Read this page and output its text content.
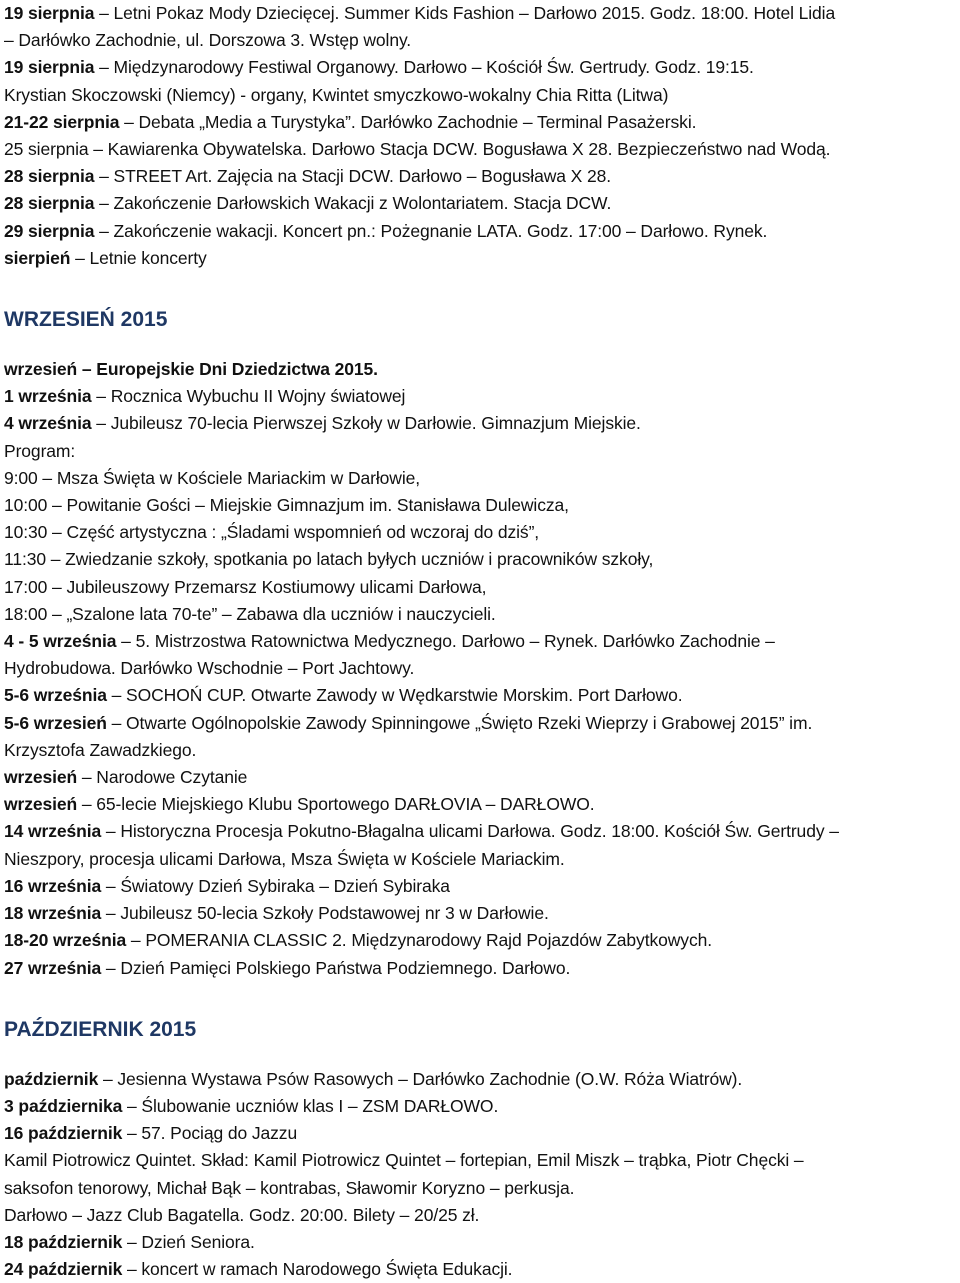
19 sierpnia – Letni Pokaz Mody Dziecięcej. Summer Kids Fashion – Darłowo 2015. Godz. 18:00. Hotel Lidia
– Darłówko Zachodnie, ul. Dorszowa 3. Wstęp wolny.
19 sierpnia – Międzynarodowy Festiwal Organowy. Darłowo – Kościół Św. Gertrudy. Godz. 19:15.
Krystian Skoczowski (Niemcy) - organy, Kwintet smyczkowo-wokalny Chia Ritta (Litwa)
21-22 sierpnia – Debata „Media a Turystyka”. Darłówko Zachodnie – Terminal Pasażerski.
25 sierpnia – Kawiarenka Obywatelska. Darłowo Stacja DCW. Bogusława X 28. Bezpieczeństwo nad Wodą.
28 sierpnia – STREET Art. Zajęcia na Stacji DCW. Darłowo – Bogusława X 28.
28 sierpnia – Zakończenie Darłowskich Wakacji z Wolontariatem. Stacja DCW.
29 sierpnia – Zakończenie wakacji. Koncert pn.: Pożegnanie LATA. Godz. 17:00 – Darłowo. Rynek.
sierpień – Letnie koncerty
WRZESIEŃ 2015
wrzesień – Europejskie Dni Dziedzictwa 2015.
1 września – Rocznica Wybuchu II Wojny światowej
4 września – Jubileusz 70-lecia Pierwszej Szkoły w Darłowie. Gimnazjum Miejskie.
Program:
9:00 – Msza Święta w Kościele Mariackim w Darłowie,
10:00 – Powitanie Gości – Miejskie Gimnazjum im. Stanisława Dulewicza,
10:30 – Część artystyczna : „Śladami wspomnień od wczoraj do dziś”,
11:30 – Zwiedzanie szkoły, spotkania po latach byłych uczniów i pracowników szkoły,
17:00 – Jubileuszowy Przemarsz Kostiumowy ulicami Darłowa,
18:00 – „Szalone lata 70-te” – Zabawa dla uczniów i nauczycieli.
4 - 5 września – 5. Mistrzostwa Ratownictwa Medycznego. Darłowo – Rynek. Darłówko Zachodnie –
Hydrobudowa. Darłówko Wschodnie – Port Jachtowy.
5-6 września – SOCHOŃ CUP. Otwarte Zawody w Wędkarstwie Morskim. Port Darłowo.
5-6 wrzesień – Otwarte Ogólnopolskie Zawody Spinningowe „Święto Rzeki Wieprzy i Grabowej 2015” im.
Krzysztofa Zawadzkiego.
wrzesień – Narodowe Czytanie
wrzesień – 65-lecie Miejskiego Klubu Sportowego DARŁOVIA – DARŁOWO.
14 września – Historyczna Procesja Pokutno-Błagalna ulicami Darłowa. Godz. 18:00. Kościół Św. Gertrudy –
Nieszpory, procesja ulicami Darłowa, Msza Święta w Kościele Mariackim.
16 września – Światowy Dzień Sybiraka – Dzień Sybiraka
18 września – Jubileusz 50-lecia Szkoły Podstawowej nr 3 w Darłowie.
18-20 września – POMERANIA CLASSIC 2. Międzynarodowy Rajd Pojazdów Zabytkowych.
27 września – Dzień Pamięci Polskiego Państwa Podziemnego. Darłowo.
PAŹDZIERNIK 2015
październik – Jesienna Wystawa Psów Rasowych – Darłówko Zachodnie (O.W. Róża Wiatrów).
3 października – Ślubowanie uczniów klas I – ZSM DARŁOWO.
16 październik – 57. Pociąg do Jazzu
Kamil Piotrowicz Quintet. Skład: Kamil Piotrowicz Quintet – fortepian, Emil Miszk – trąbka, Piotr Chęcki –
saksofon tenorowy, Michał Bąk – kontrabas, Sławomir Koryzno – perkusja.
Darłowo – Jazz Club Bagatella. Godz. 20:00. Bilety – 20/25 zł.
18 październik – Dzień Seniora.
24 październik – koncert w ramach Narodowego Święta Edukacji.
